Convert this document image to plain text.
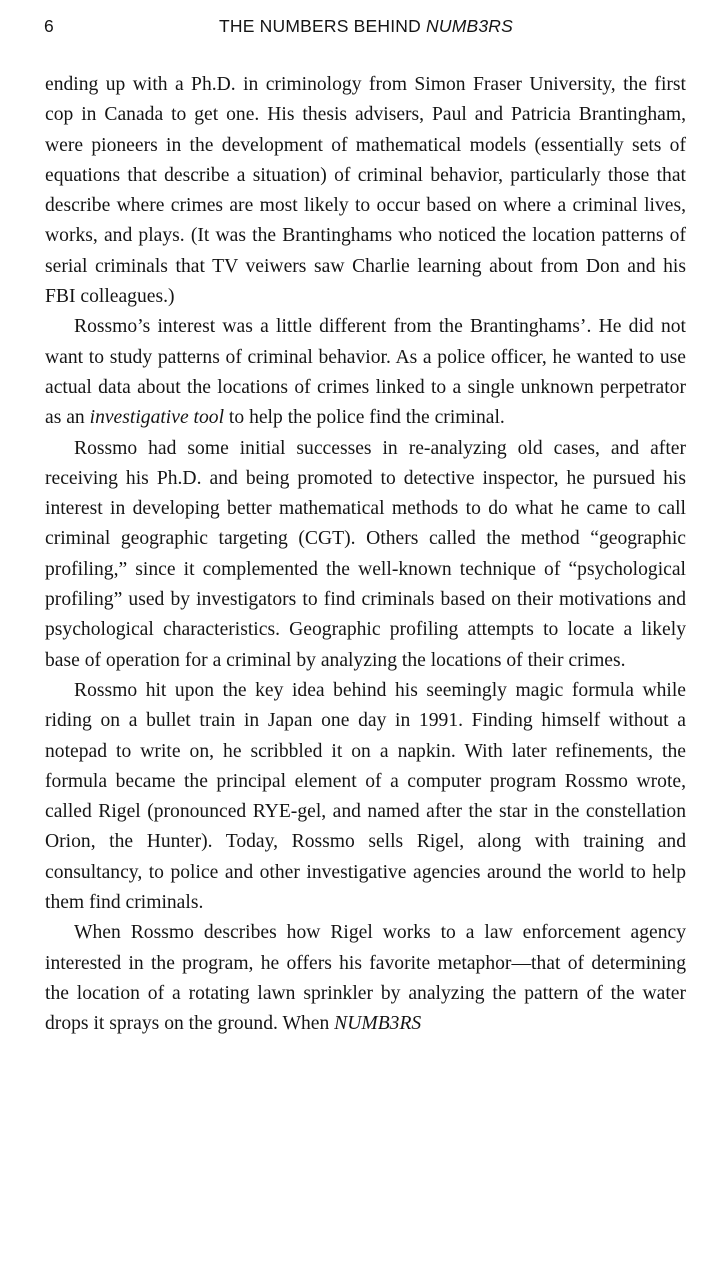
6	THE NUMBERS BEHIND NUMB3RS

ending up with a Ph.D. in criminology from Simon Fraser University, the first cop in Canada to get one. His thesis advisers, Paul and Patricia Brantingham, were pioneers in the development of mathematical models (essentially sets of equations that describe a situation) of criminal behavior, particularly those that describe where crimes are most likely to occur based on where a criminal lives, works, and plays. (It was the Brantinghams who noticed the location patterns of serial criminals that TV veiwers saw Charlie learning about from Don and his FBI colleagues.)

Rossmo’s interest was a little different from the Brantinghams’. He did not want to study patterns of criminal behavior. As a police officer, he wanted to use actual data about the locations of crimes linked to a single unknown perpetrator as an investigative tool to help the police find the criminal.

Rossmo had some initial successes in re-analyzing old cases, and after receiving his Ph.D. and being promoted to detective inspector, he pursued his interest in developing better mathematical methods to do what he came to call criminal geographic targeting (CGT). Others called the method “geographic profiling,” since it complemented the well-known technique of “psychological profiling” used by investigators to find criminals based on their motivations and psychological characteristics. Geographic profiling attempts to locate a likely base of operation for a criminal by analyzing the locations of their crimes.

Rossmo hit upon the key idea behind his seemingly magic formula while riding on a bullet train in Japan one day in 1991. Finding himself without a notepad to write on, he scribbled it on a napkin. With later refinements, the formula became the principal element of a computer program Rossmo wrote, called Rigel (pronounced RYE-gel, and named after the star in the constellation Orion, the Hunter). Today, Rossmo sells Rigel, along with training and consultancy, to police and other investigative agencies around the world to help them find criminals.

When Rossmo describes how Rigel works to a law enforcement agency interested in the program, he offers his favorite metaphor—that of determining the location of a rotating lawn sprinkler by analyzing the pattern of the water drops it sprays on the ground. When NUMB3RS
